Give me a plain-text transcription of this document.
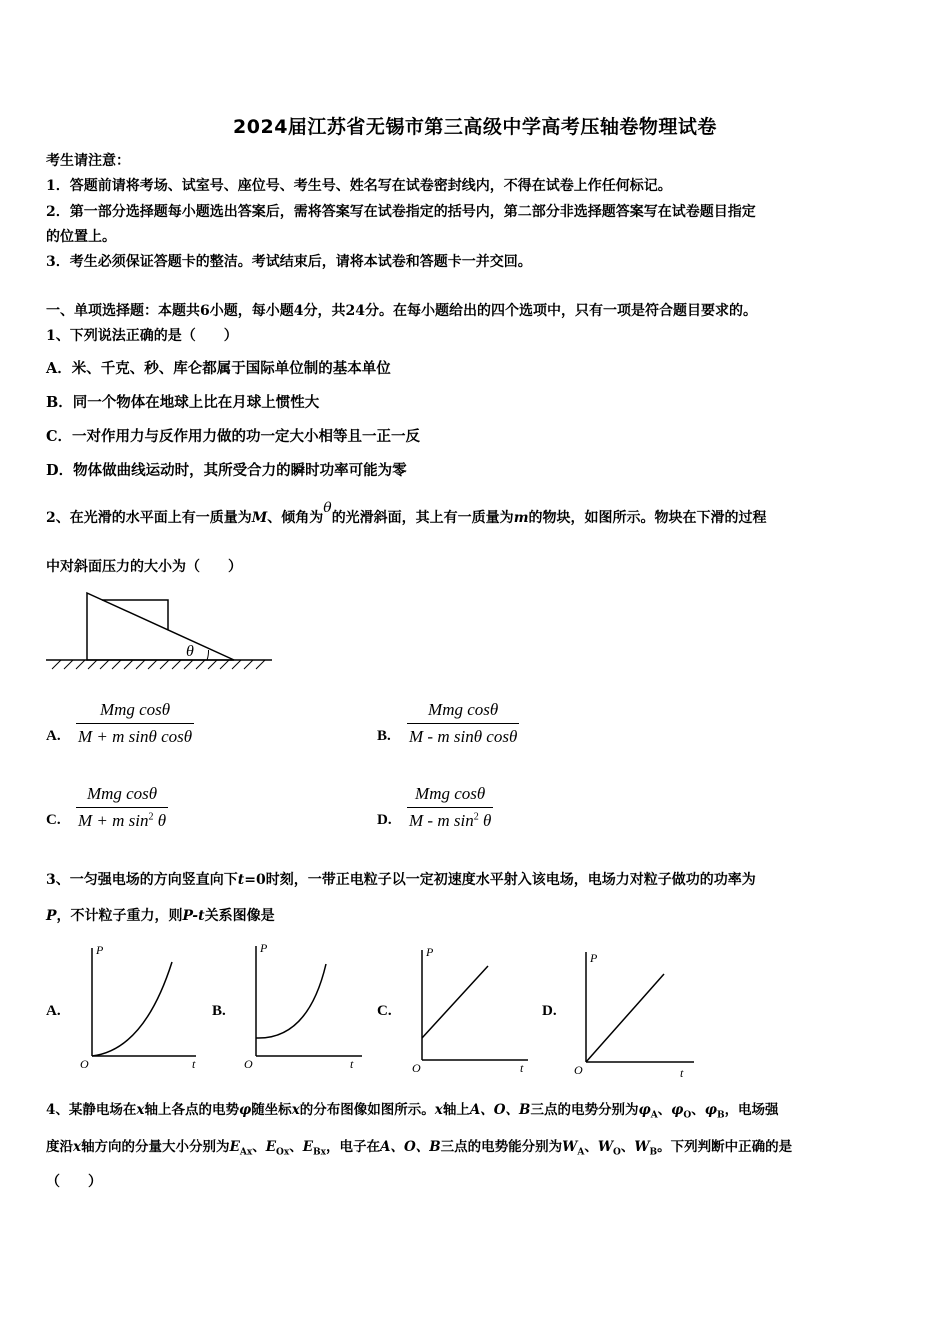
2024届江苏省无锡市第三高级中学高考压轴卷物理试卷
考生请注意：
1．答题前请将考场、试室号、座位号、考生号、姓名写在试卷密封线内，不得在试卷上作任何标记。
2．第一部分选择题每小题选出答案后，需将答案写在试卷指定的括号内，第二部分非选择题答案写在试卷题目指定
的位置上。
3．考生必须保证答题卡的整洁。考试结束后，请将本试卷和答题卡一并交回。
一、单项选择题：本题共6小题，每小题4分，共24分。在每小题给出的四个选项中，只有一项是符合题目要求的。
1、下列说法正确的是（　　）
A．米、千克、秒、库仑都属于国际单位制的基本单位
B．同一个物体在地球上比在月球上惯性大
C．一对作用力与反作用力做的功一定大小相等且一正一反
D．物体做曲线运动时，其所受合力的瞬时功率可能为零
2、在光滑的水平面上有一质量为M、倾角为θ的光滑斜面，其上有一质量为m的物块，如图所示。物块在下滑的过程
中对斜面压力的大小为（　　）
θ
A.
Mmg cosθ
M + m sinθ cosθ	B.
Mmg cosθ
M - m sinθ cosθ
C.
Mmg cosθ
M + m $\sin^2 \theta$	D.
Mmg cosθ
M - m $\sin^2 \theta$
3、一匀强电场的方向竖直向下t=0时刻，一带正电粒子以一定初速度水平射入该电场，电场力对粒子做功的功率为
P，不计粒子重力，则P-t关系图像是
A.
P
t
O
B.
P
t
O
C.
P
t
O
D.
P
t
O
4、某静电场在x轴上各点的电势φ随坐标x的分布图像如图所示。x轴上A、O、B三点的电势分别为$\varphi_A$、$\varphi_O$、$\varphi_B$，电场强
度沿x轴方向的分量大小分别为$E_{Ax}$、$E_{Ox}$、$E_{Bx}$，电子在A、O、B三点的电势能分别为$W_A$、$W_O$、$W_B$。下列判断中正确的是
（　　）
